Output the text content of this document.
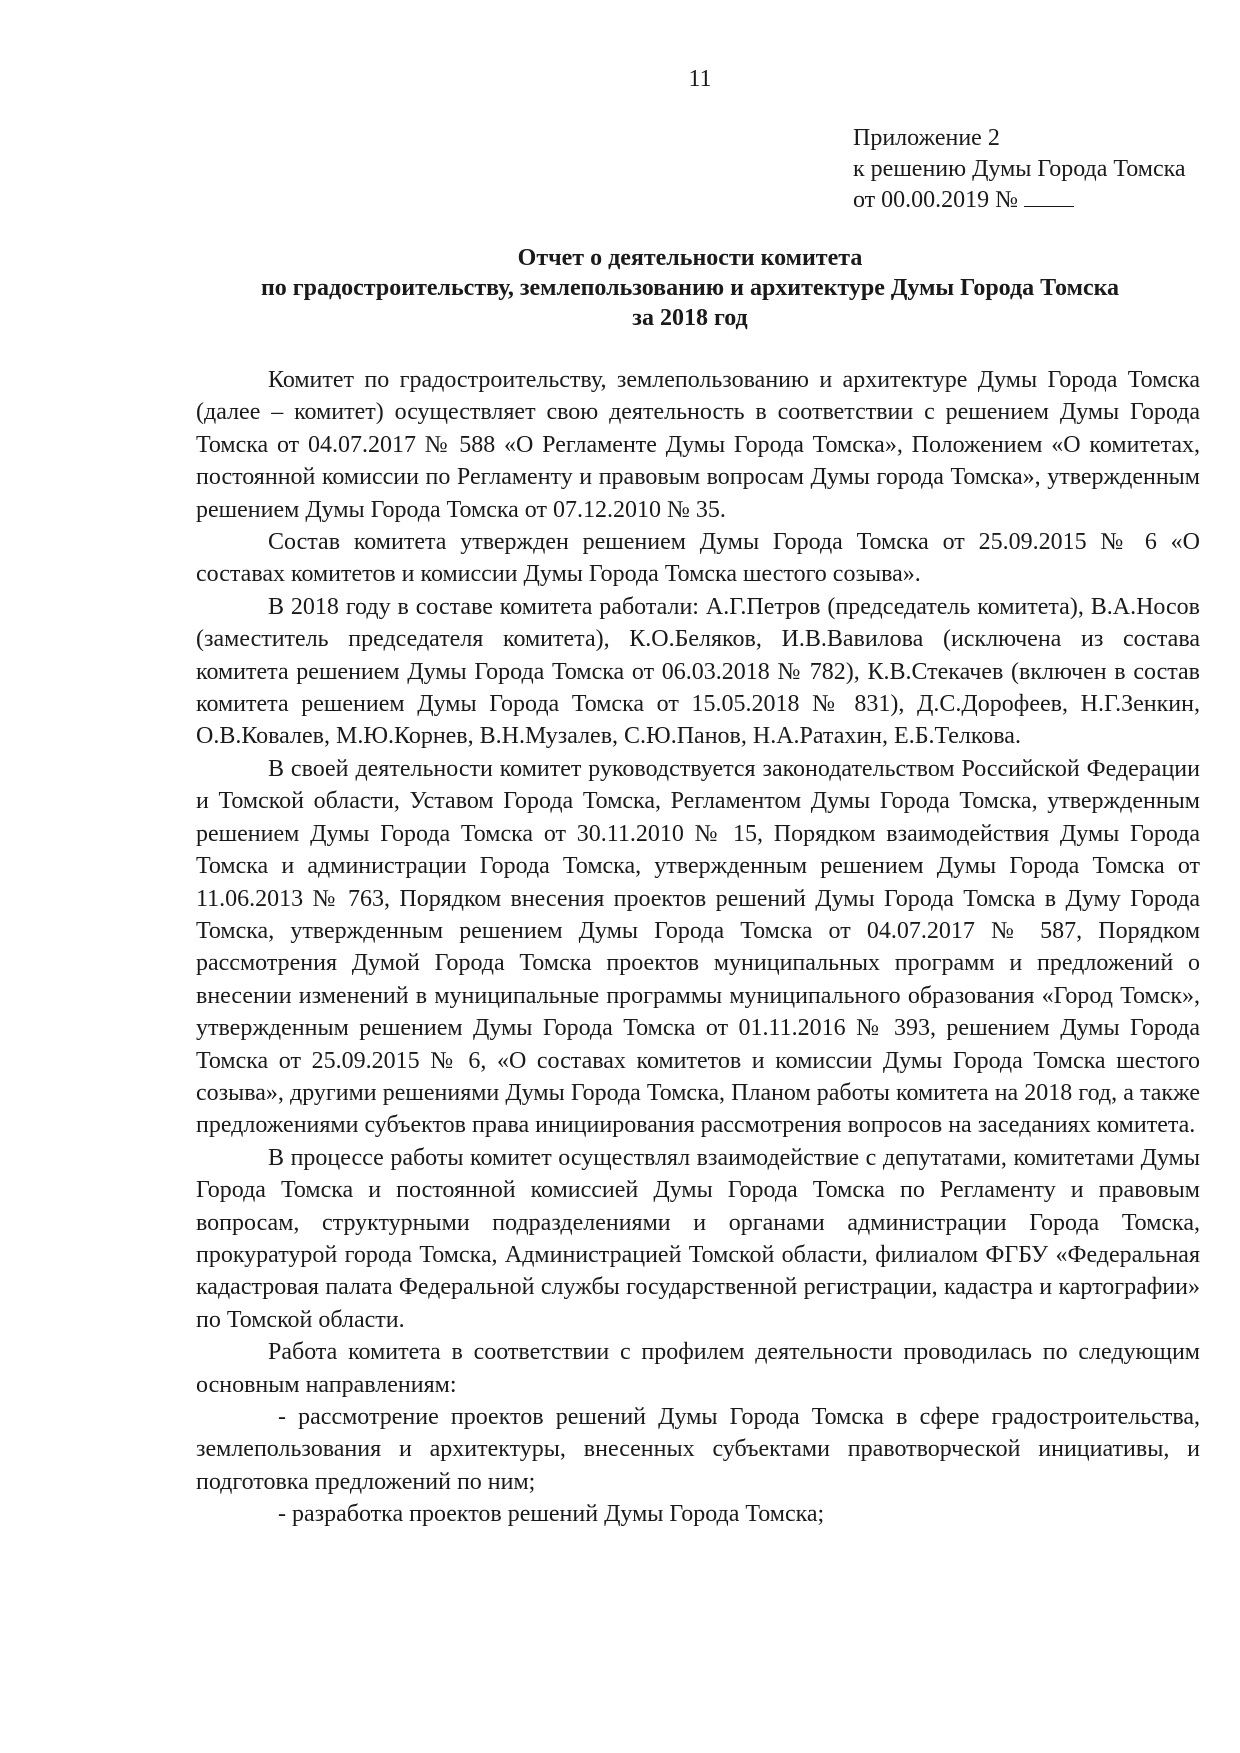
11
Приложение 2
к решению Думы Города Томска
от 00.00.2019 №
Отчет о деятельности комитета
по градостроительству, землепользованию и архитектуре Думы Города Томска
за 2018 год

Комитет по градостроительству, землепользованию и архитектуре Думы Города Томска (далее – комитет) осуществляет свою деятельность в соответствии с решением Думы Города Томска от 04.07.2017 № 588 «О Регламенте Думы Города Томска», Положением «О комитетах, постоянной комиссии по Регламенту и правовым вопросам Думы города Томска», утвержденным решением Думы Города Томска от 07.12.2010 № 35.

Состав комитета утвержден решением Думы Города Томска от 25.09.2015 № 6 «О составах комитетов и комиссии Думы Города Томска шестого созыва».

В 2018 году в составе комитета работали: А.Г.Петров (председатель комитета), В.А.Носов (заместитель председателя комитета), К.О.Беляков, И.В.Вавилова (исключена из состава комитета решением Думы Города Томска от 06.03.2018 № 782), К.В.Стекачев (включен в состав комитета решением Думы Города Томска от 15.05.2018 № 831), Д.С.Дорофеев, Н.Г.Зенкин, О.В.Ковалев, М.Ю.Корнев, В.Н.Музалев, С.Ю.Панов, Н.А.Ратахин, Е.Б.Телкова.

В своей деятельности комитет руководствуется законодательством Российской Федерации и Томской области, Уставом Города Томска, Регламентом Думы Города Томска, утвержденным решением Думы Города Томска от 30.11.2010 № 15, Порядком взаимодействия Думы Города Томска и администрации Города Томска, утвержденным решением Думы Города Томска от 11.06.2013 № 763, Порядком внесения проектов решений Думы Города Томска в Думу Города Томска, утвержденным решением Думы Города Томска от 04.07.2017 № 587, Порядком рассмотрения Думой Города Томска проектов муниципальных программ и предложений о внесении изменений в муниципальные программы муниципального образования «Город Томск», утвержденным решением Думы Города Томска от 01.11.2016 № 393, решением Думы Города Томска от 25.09.2015 № 6, «О составах комитетов и комиссии Думы Города Томска шестого созыва», другими решениями Думы Города Томска, Планом работы комитета на 2018 год, а также предложениями субъектов права инициирования рассмотрения вопросов на заседаниях комитета.

В процессе работы комитет осуществлял взаимодействие с депутатами, комитетами Думы Города Томска и постоянной комиссией Думы Города Томска по Регламенту и правовым вопросам, структурными подразделениями и органами администрации Города Томска, прокуратурой города Томска, Администрацией Томской области, филиалом ФГБУ «Федеральная кадастровая палата Федеральной службы государственной регистрации, кадастра и картографии» по Томской области.

Работа комитета в соответствии с профилем деятельности проводилась по следующим основным направлениям:

- рассмотрение проектов решений Думы Города Томска в сфере градостроительства, землепользования и архитектуры, внесенных субъектами правотворческой инициативы, и подготовка предложений по ним;

- разработка проектов решений Думы Города Томска;
